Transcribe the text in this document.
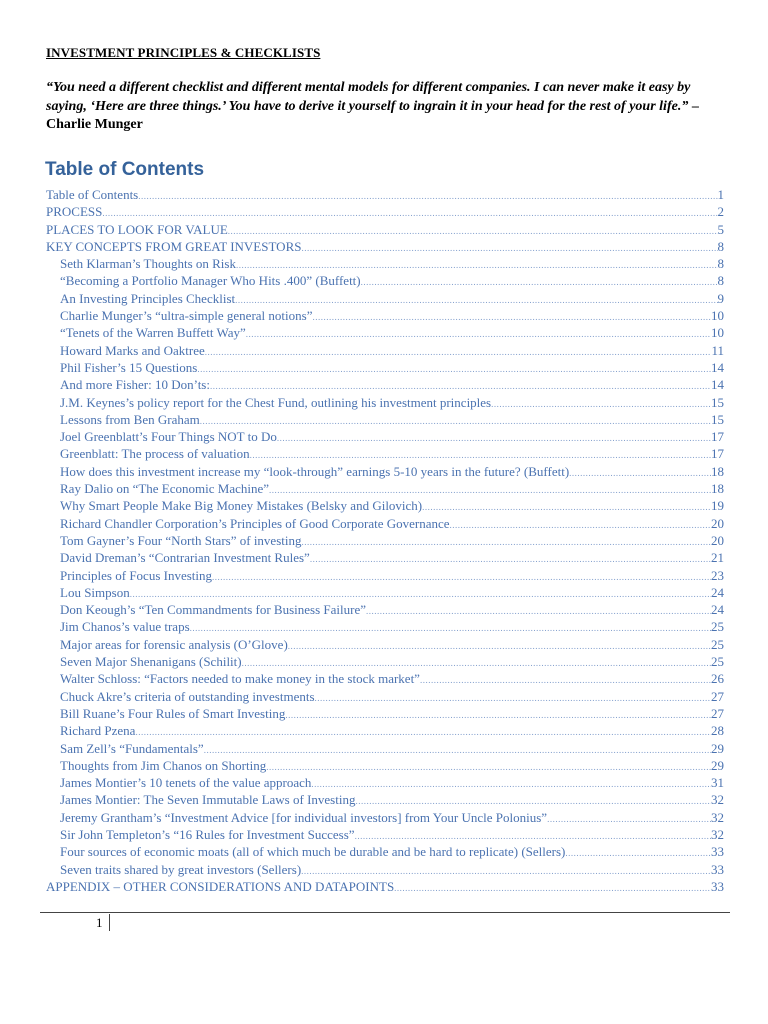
INVESTMENT PRINCIPLES & CHECKLISTS
“You need a different checklist and different mental models for different companies. I can never make it easy by saying, ‘Here are three things.’ You have to derive it yourself to ingrain it in your head for the rest of your life.” – Charlie Munger
Table of Contents
Table of Contents .....	1
PROCESS .....	2
PLACES TO LOOK FOR VALUE .....	5
KEY CONCEPTS FROM GREAT INVESTORS .....	8
Seth Klarman’s Thoughts on Risk .....	8
“Becoming a Portfolio Manager Who Hits .400” (Buffett) .....	8
An Investing Principles Checklist .....	9
Charlie Munger’s “ultra-simple general notions” .....	10
“Tenets of the Warren Buffett Way” .....	10
Howard Marks and Oaktree .....	11
Phil Fisher’s 15 Questions .....	14
And more Fisher: 10 Don’ts: .....	14
J.M. Keynes’s policy report for the Chest Fund, outlining his investment principles .....	15
Lessons from Ben Graham .....	15
Joel Greenblatt’s Four Things NOT to Do .....	17
Greenblatt: The process of valuation .....	17
How does this investment increase my “look-through” earnings 5-10 years in the future? (Buffett) .....	18
Ray Dalio on “The Economic Machine” .....	18
Why Smart People Make Big Money Mistakes (Belsky and Gilovich) .....	19
Richard Chandler Corporation’s Principles of Good Corporate Governance .....	20
Tom Gayner’s Four “North Stars” of investing .....	20
David Dreman’s “Contrarian Investment Rules” .....	21
Principles of Focus Investing .....	23
Lou Simpson .....	24
Don Keough’s “Ten Commandments for Business Failure” .....	24
Jim Chanos’s value traps .....	25
Major areas for forensic analysis (O’Glove) .....	25
Seven Major Shenanigans (Schilit) .....	25
Walter Schloss: “Factors needed to make money in the stock market” .....	26
Chuck Akre’s criteria of outstanding investments .....	27
Bill Ruane’s Four Rules of Smart Investing .....	27
Richard Pzena .....	28
Sam Zell’s “Fundamentals” .....	29
Thoughts from Jim Chanos on Shorting .....	29
James Montier’s 10 tenets of the value approach .....	31
James Montier: The Seven Immutable Laws of Investing .....	32
Jeremy Grantham’s “Investment Advice [for individual investors] from Your Uncle Polonius” .....	32
Sir John Templeton’s “16 Rules for Investment Success” .....	32
Four sources of economic moats (all of which much be durable and be hard to replicate) (Sellers) .....	33
Seven traits shared by great investors (Sellers) .....	33
APPENDIX – OTHER CONSIDERATIONS AND DATAPOINTS .....	33
1
